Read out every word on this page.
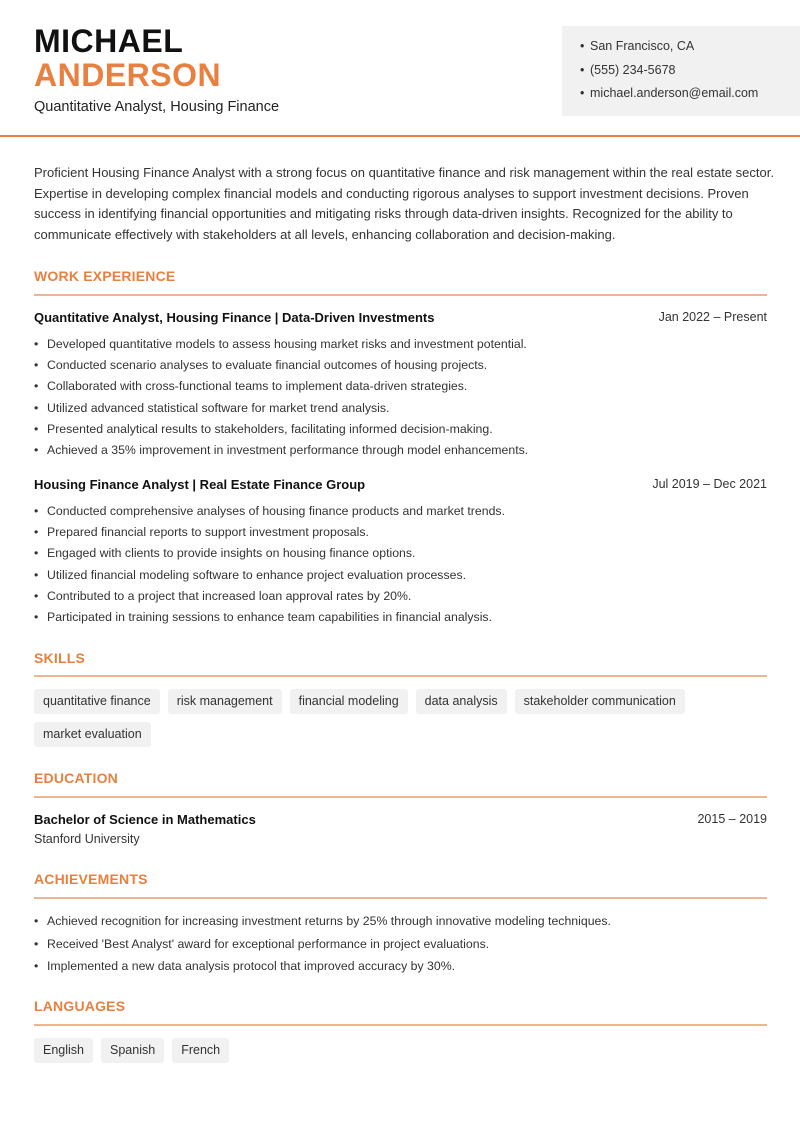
MICHAEL
ANDERSON
Quantitative Analyst, Housing Finance
• San Francisco, CA
• (555) 234-5678
• michael.anderson@email.com

Proficient Housing Finance Analyst with a strong focus on quantitative finance and risk management within the real estate sector. Expertise in developing complex financial models and conducting rigorous analyses to support investment decisions. Proven success in identifying financial opportunities and mitigating risks through data-driven insights. Recognized for the ability to communicate effectively with stakeholders at all levels, enhancing collaboration and decision-making.

WORK EXPERIENCE
Quantitative Analyst, Housing Finance | Data-Driven Investments	Jan 2022 – Present
• Developed quantitative models to assess housing market risks and investment potential.
• Conducted scenario analyses to evaluate financial outcomes of housing projects.
• Collaborated with cross-functional teams to implement data-driven strategies.
• Utilized advanced statistical software for market trend analysis.
• Presented analytical results to stakeholders, facilitating informed decision-making.
• Achieved a 35% improvement in investment performance through model enhancements.
Housing Finance Analyst | Real Estate Finance Group	Jul 2019 – Dec 2021
• Conducted comprehensive analyses of housing finance products and market trends.
• Prepared financial reports to support investment proposals.
• Engaged with clients to provide insights on housing finance options.
• Utilized financial modeling software to enhance project evaluation processes.
• Contributed to a project that increased loan approval rates by 20%.
• Participated in training sessions to enhance team capabilities in financial analysis.
SKILLS
quantitative finance	risk management	financial modeling	data analysis	stakeholder communication
market evaluation
EDUCATION
Bachelor of Science in Mathematics	2015 – 2019
Stanford University
ACHIEVEMENTS
• Achieved recognition for increasing investment returns by 25% through innovative modeling techniques.
• Received 'Best Analyst' award for exceptional performance in project evaluations.
• Implemented a new data analysis protocol that improved accuracy by 30%.
LANGUAGES
English	Spanish	French
